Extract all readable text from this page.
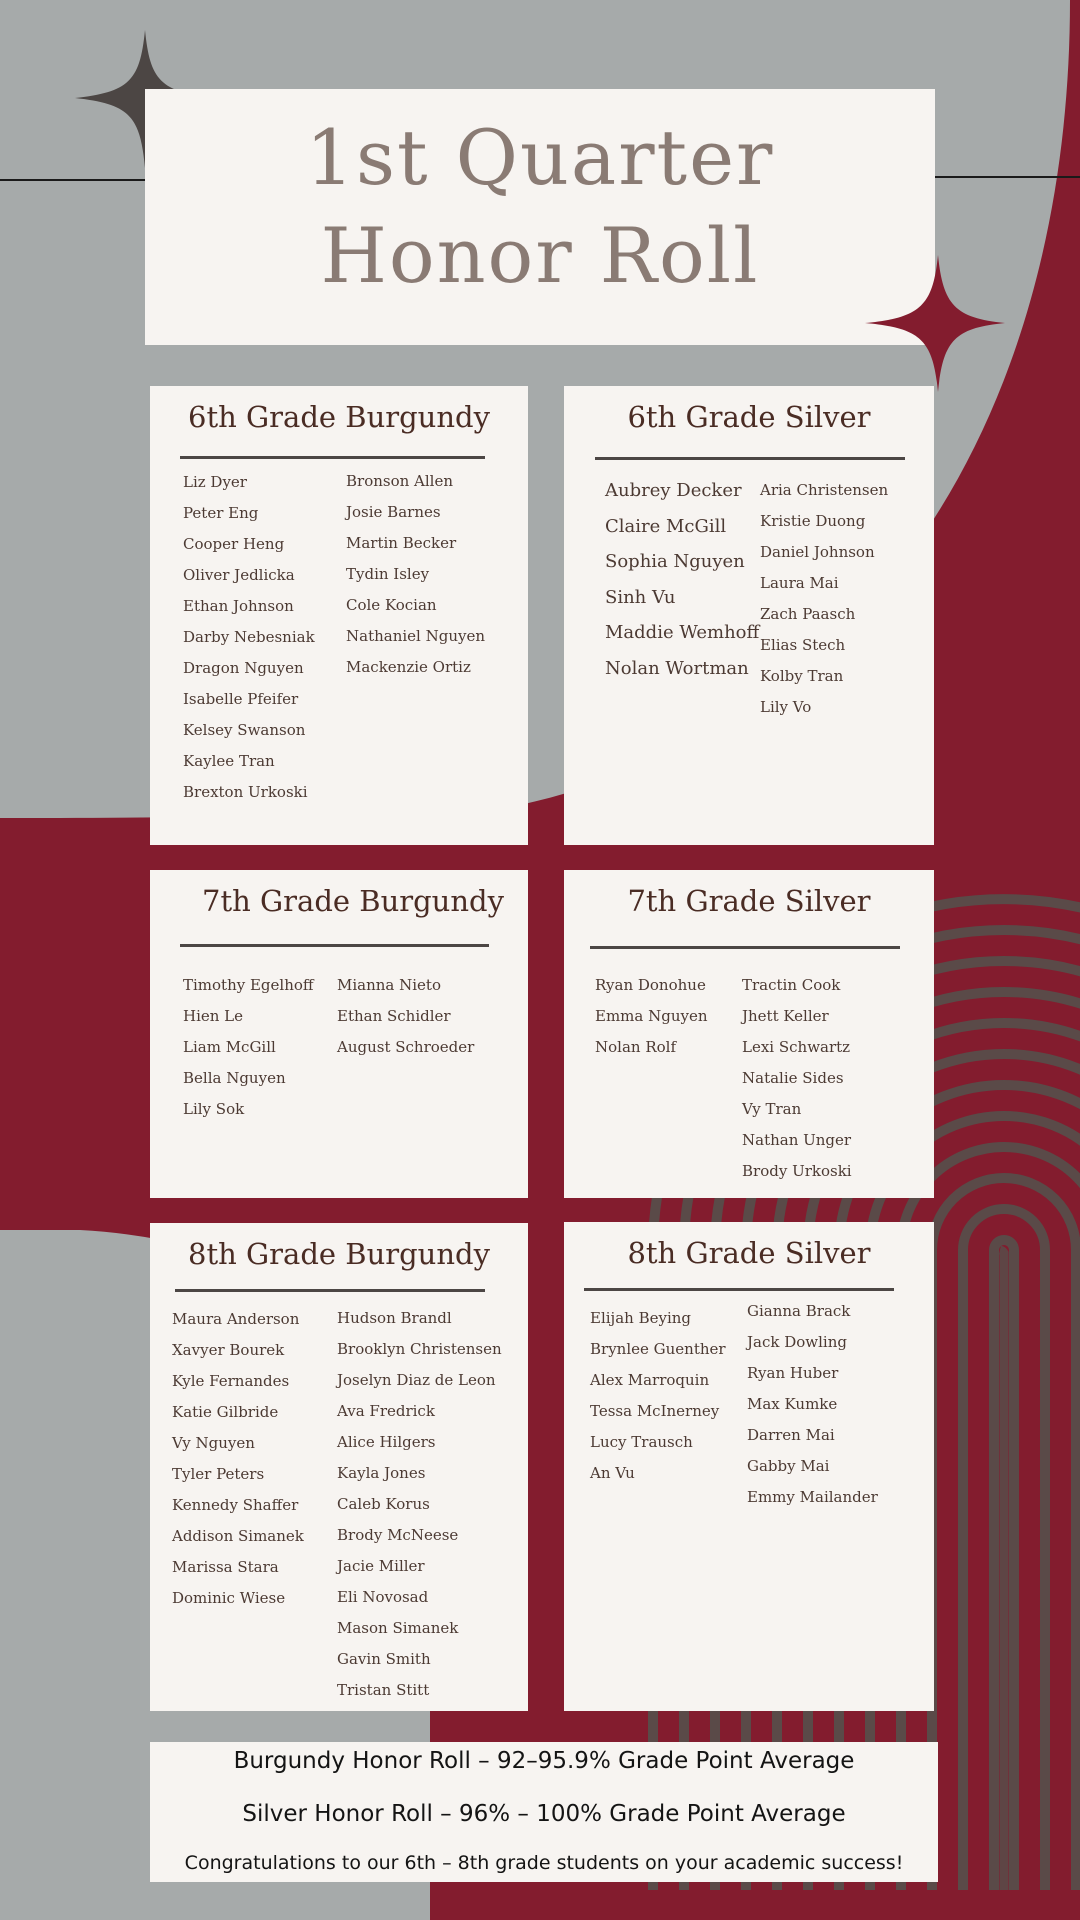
1st Quarter
Honor Roll
6th Grade Burgundy
Liz Dyer
Peter Eng
Cooper Heng
Oliver Jedlicka
Ethan Johnson
Darby Nebesniak
Dragon Nguyen
Isabelle Pfeifer
Kelsey Swanson
Kaylee Tran
Brexton Urkoski
Bronson Allen
Josie Barnes
Martin Becker
Tydin Isley
Cole Kocian
Nathaniel Nguyen
Mackenzie Ortiz
6th Grade Silver
Aubrey Decker
Claire McGill
Sophia Nguyen
Sinh Vu
Maddie Wemhoff
Nolan Wortman
Aria Christensen
Kristie Duong
Daniel Johnson
Laura Mai
Zach Paasch
Elias Stech
Kolby Tran
Lily Vo
7th Grade Burgundy
Timothy Egelhoff
Hien Le
Liam McGill
Bella Nguyen
Lily Sok
Mianna Nieto
Ethan Schidler
August Schroeder
7th Grade Silver
Ryan Donohue
Emma Nguyen
Nolan Rolf
Tractin Cook
Jhett Keller
Lexi Schwartz
Natalie Sides
Vy Tran
Nathan Unger
Brody Urkoski
8th Grade Burgundy
Maura Anderson
Xavyer Bourek
Kyle Fernandes
Katie Gilbride
Vy Nguyen
Tyler Peters
Kennedy Shaffer
Addison Simanek
Marissa Stara
Dominic Wiese
Hudson Brandl
Brooklyn Christensen
Joselyn Diaz de Leon
Ava Fredrick
Alice Hilgers
Kayla Jones
Caleb Korus
Brody McNeese
Jacie Miller
Eli Novosad
Mason Simanek
Gavin Smith
Tristan Stitt
8th Grade Silver
Elijah Beying
Brynlee Guenther
Alex Marroquin
Tessa McInerney
Lucy Trausch
An Vu
Gianna Brack
Jack Dowling
Ryan Huber
Max Kumke
Darren Mai
Gabby Mai
Emmy Mailander
Burgundy Honor Roll – 92–95.9% Grade Point Average
Silver Honor Roll – 96% – 100% Grade Point Average
Congratulations to our 6th – 8th grade students on your academic success!
